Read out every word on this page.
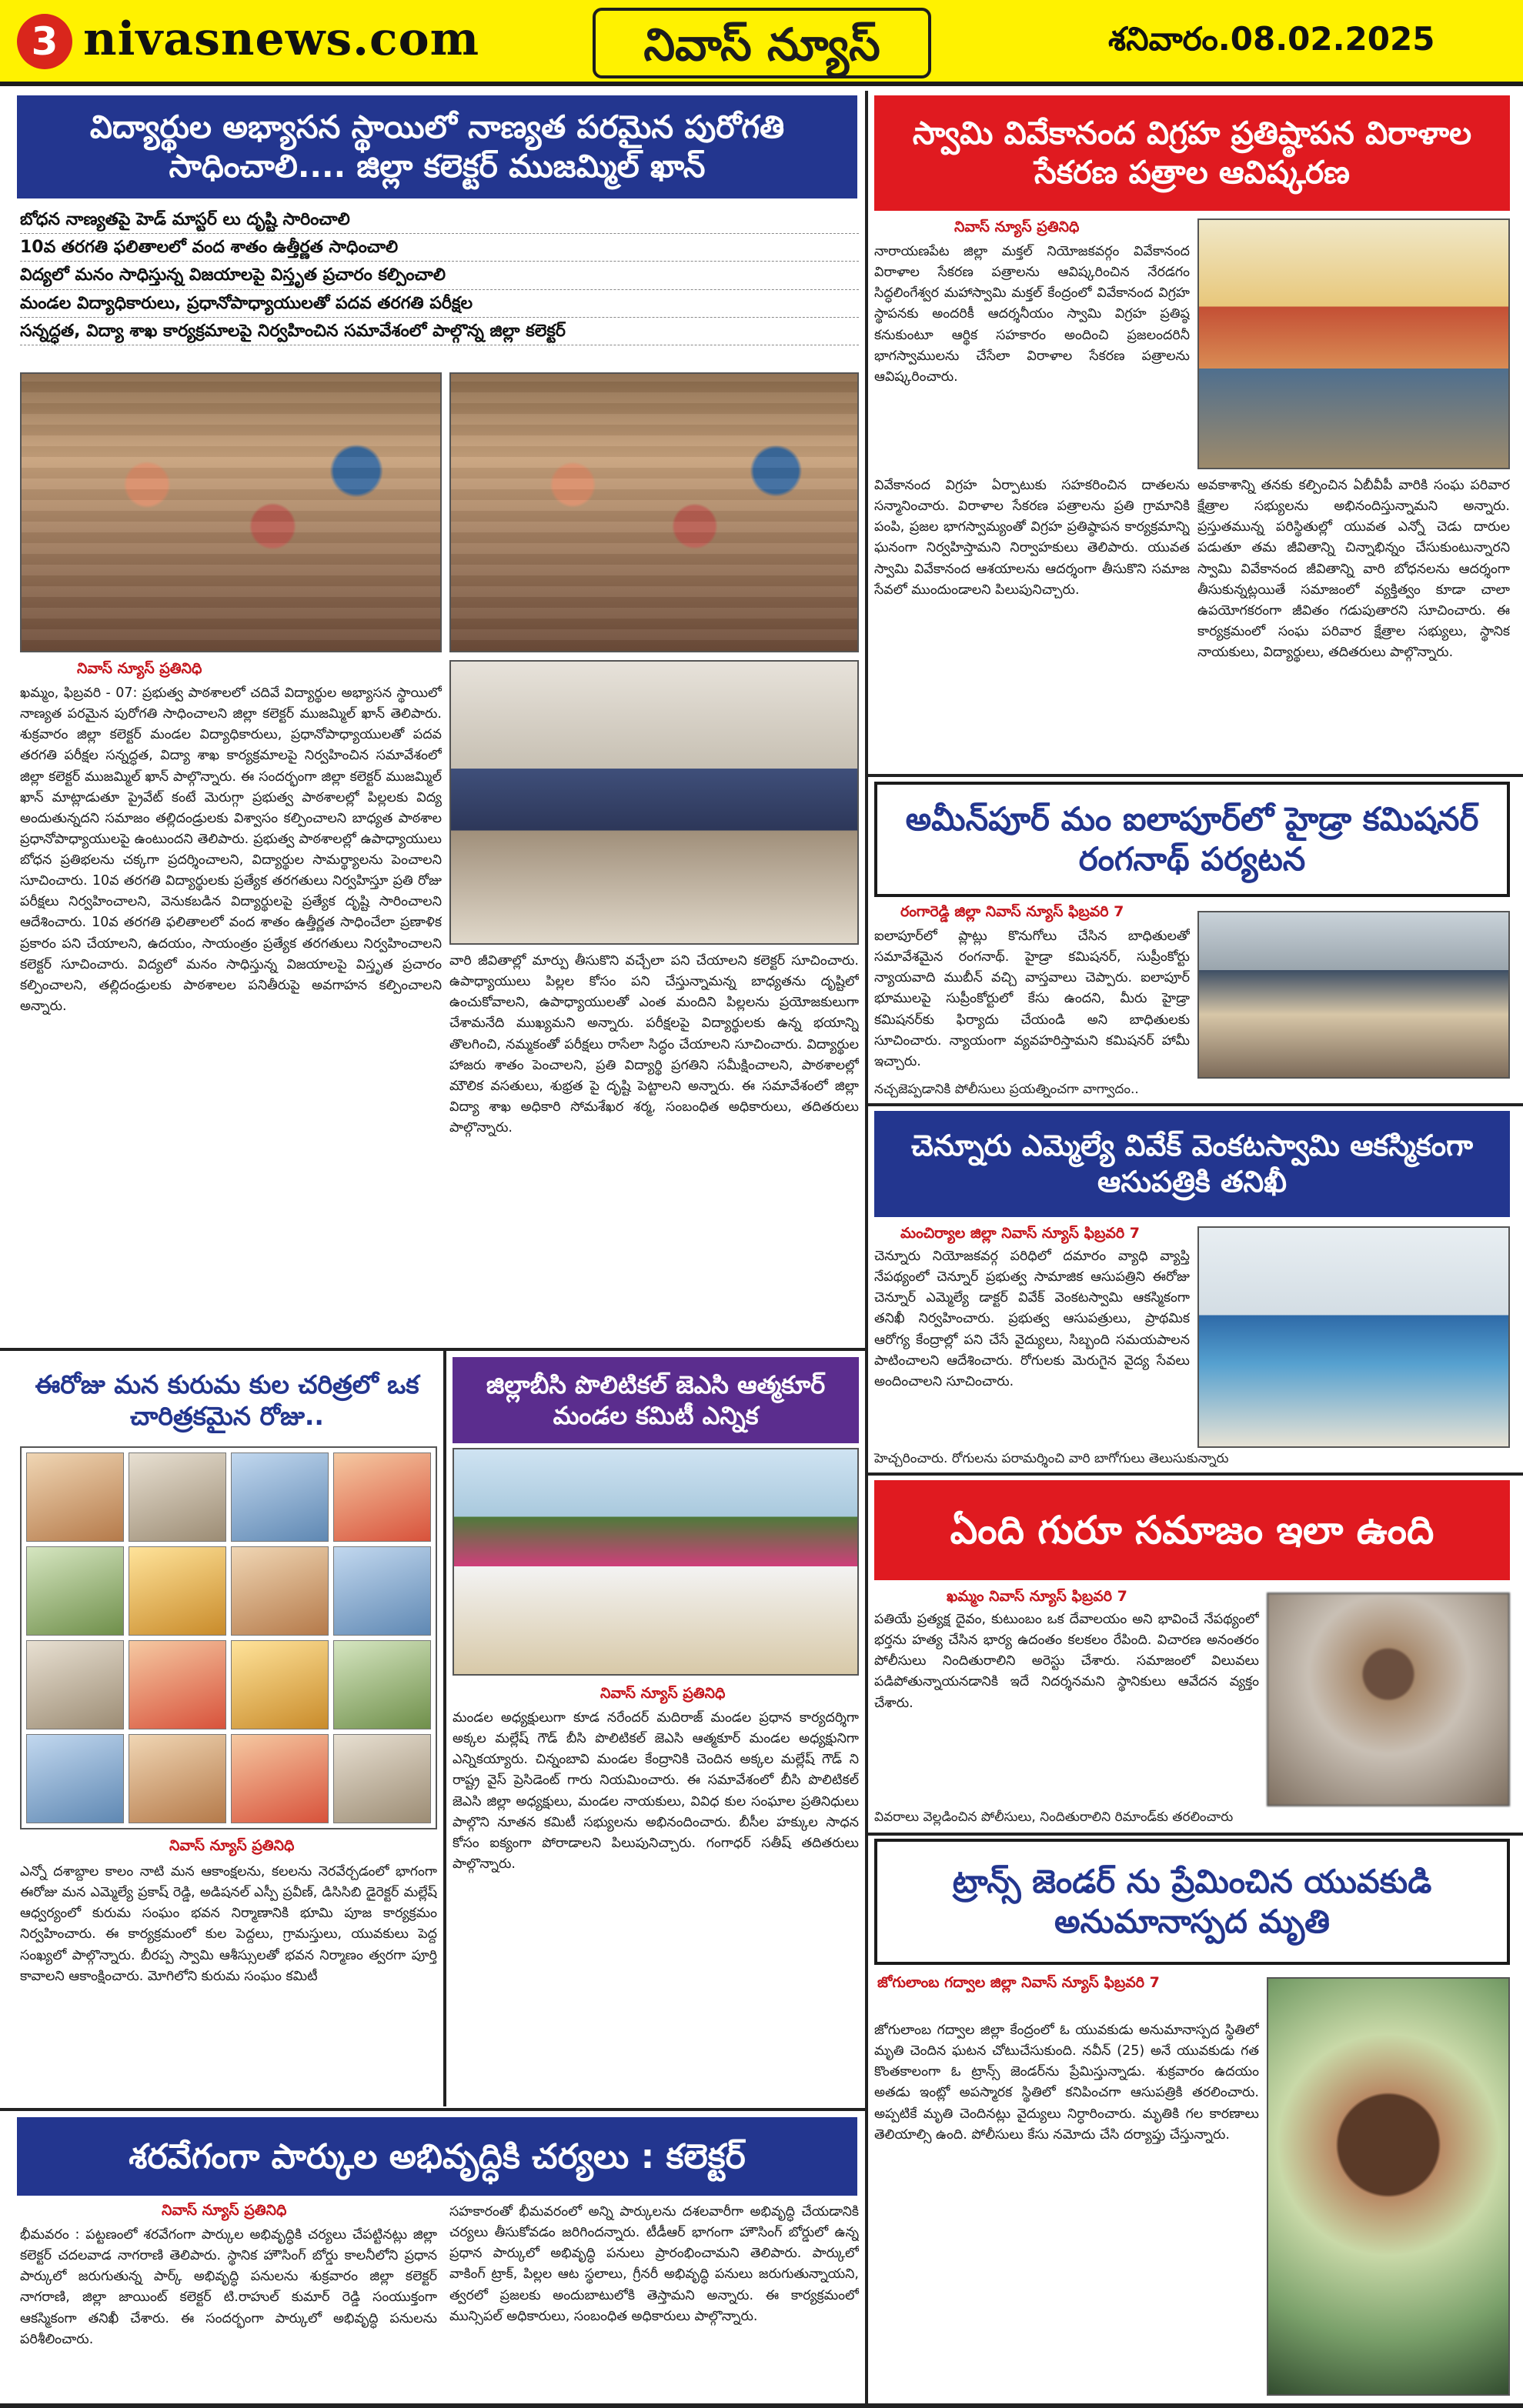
3 nivasnews.com	నివాస్ న్యూస్	శనివారం.08.02.2025
విద్యార్థుల అభ్యాసన స్థాయిలో నాణ్యత పరమైన పురోగతి సాధించాలి.... జిల్లా కలెక్టర్ ముజమ్మిల్ ఖాన్
బోధన నాణ్యతపై హెడ్ మాస్టర్ లు దృష్టి సారించాలి
10వ తరగతి ఫలితాలలో వంద శాతం ఉత్తీర్ణత సాధించాలి
విద్యలో మనం సాధిస్తున్న విజయాలపై విస్తృత ప్రచారం కల్పించాలి
మండల విద్యాధికారులు, ప్రధానోపాధ్యాయులతో పదవ తరగతి పరీక్షల
సన్నద్ధత, విద్యా శాఖ కార్యక్రమాలపై నిర్వహించిన సమావేశంలో పాల్గొన్న జిల్లా కలెక్టర్
నివాస్ న్యూస్ ప్రతినిధి
ఖమ్మం, ఫిబ్రవరి - 07: ప్రభుత్వ పాఠశాలలో చదివే విద్యార్థుల అభ్యాసన స్థాయిలో నాణ్యత పరమైన పురోగతి సాధించాలని జిల్లా కలెక్టర్ ముజమ్మిల్ ఖాన్ తెలిపారు. శుక్రవారం జిల్లా కలెక్టర్ మండల విద్యాధికారులు, ప్రధానోపాధ్యాయులతో పదవ తరగతి పరీక్షల సన్నద్ధత, విద్యా శాఖ కార్యక్రమాలపై నిర్వహించిన సమావేశంలో జిల్లా కలెక్టర్ ముజమ్మిల్ ఖాన్ పాల్గొన్నారు. ఈ సందర్భంగా జిల్లా కలెక్టర్ ముజమ్మిల్ ఖాన్ మాట్లాడుతూ ప్రైవేట్ కంటే మెరుగ్గా ప్రభుత్వ పాఠశాలల్లో పిల్లలకు విద్య అందుతున్నదని సమాజం తల్లిదండ్రులకు విశ్వాసం కల్పించాలని బాధ్యత పాఠశాల ప్రధానోపాధ్యాయులపై ఉంటుందని తెలిపారు. ప్రభుత్వ పాఠశాలల్లో ఉపాధ్యాయులు బోధన ప్రతిభలను చక్కగా ప్రదర్శించాలని, విద్యార్థుల సామర్థ్యాలను పెంచాలని సూచించారు. 10వ తరగతి విద్యార్థులకు ప్రత్యేక తరగతులు నిర్వహిస్తూ ప్రతి రోజు పరీక్షలు నిర్వహించాలని, వెనుకబడిన విద్యార్థులపై ప్రత్యేక దృష్టి సారించాలని ఆదేశించారు. 10వ తరగతి ఫలితాలలో వంద శాతం ఉత్తీర్ణత సాధించేలా ప్రణాళిక ప్రకారం పని చేయాలని, ఉదయం, సాయంత్రం ప్రత్యేక తరగతులు నిర్వహించాలని కలెక్టర్ సూచించారు. విద్యలో మనం సాధిస్తున్న విజయాలపై విస్తృత ప్రచారం కల్పించాలని, తల్లిదండ్రులకు పాఠశాలల పనితీరుపై అవగాహన కల్పించాలని అన్నారు.
వారి జీవితాల్లో మార్పు తీసుకొని వచ్చేలా పని చేయాలని కలెక్టర్ సూచించారు. ఉపాధ్యాయులు పిల్లల కోసం పని చేస్తున్నామన్న బాధ్యతను దృష్టిలో ఉంచుకోవాలని, ఉపాధ్యాయులతో ఎంత మందిని పిల్లలను ప్రయోజకులుగా చేశామనేది ముఖ్యమని అన్నారు. పరీక్షలపై విద్యార్థులకు ఉన్న భయాన్ని తొలగించి, నమ్మకంతో పరీక్షలు రాసేలా సిద్ధం చేయాలని సూచించారు. విద్యార్థుల హాజరు శాతం పెంచాలని, ప్రతి విద్యార్థి ప్రగతిని సమీక్షించాలని, పాఠశాలల్లో మౌలిక వసతులు, శుభ్రత పై దృష్టి పెట్టాలని అన్నారు. ఈ సమావేశంలో జిల్లా విద్యా శాఖ అధికారి సోమశేఖర శర్మ, సంబంధిత అధికారులు, తదితరులు పాల్గొన్నారు.
స్వామి వివేకానంద విగ్రహ ప్రతిష్ఠాపన విరాళాల సేకరణ పత్రాల ఆవిష్కరణ
నివాస్ న్యూస్ ప్రతినిధి
నారాయణపేట జిల్లా మక్తల్ నియోజకవర్గం వివేకానంద విరాళాల సేకరణ పత్రాలను ఆవిష్కరించిన నేరడగం సిద్ధలింగేశ్వర మహాస్వామి మక్తల్ కేంద్రంలో వివేకానంద విగ్రహ స్థాపనకు అందరికీ ఆదర్శనీయం స్వామి విగ్రహ ప్రతిష్ఠ కనుకుంటూ ఆర్థిక సహకారం అందించి ప్రజలందరినీ భాగస్వాములను చేసేలా విరాళాల సేకరణ పత్రాలను ఆవిష్కరించారు.
వివేకానంద విగ్రహ ఏర్పాటుకు సహకరించిన దాతలను సన్మానించారు. విరాళాల సేకరణ పత్రాలను ప్రతి గ్రామానికి పంపి, ప్రజల భాగస్వామ్యంతో విగ్రహ ప్రతిష్ఠాపన కార్యక్రమాన్ని ఘనంగా నిర్వహిస్తామని నిర్వాహకులు తెలిపారు. యువత స్వామి వివేకానంద ఆశయాలను ఆదర్శంగా తీసుకొని సమాజ సేవలో ముందుండాలని పిలుపునిచ్చారు.
అవకాశాన్ని తనకు కల్పించిన ఏబీవీపీ వారికి సంఘ పరివార క్షేత్రాల సభ్యులను అభినందిస్తున్నామని అన్నారు. ప్రస్తుతమున్న పరిస్థితుల్లో యువత ఎన్నో చెడు దారుల పడుతూ తమ జీవితాన్ని చిన్నాభిన్నం చేసుకుంటున్నారని స్వామి వివేకానంద జీవితాన్ని వారి బోధనలను ఆదర్శంగా తీసుకున్నట్లయితే సమాజంలో వ్యక్తిత్వం కూడా చాలా ఉపయోగకరంగా జీవితం గడుపుతారని సూచించారు. ఈ కార్యక్రమంలో సంఘ పరివార క్షేత్రాల సభ్యులు, స్థానిక నాయకులు, విద్యార్థులు, తదితరులు పాల్గొన్నారు.
అమీన్‌పూర్ మం ఐలాపూర్‌లో హైడ్రా కమిషనర్ రంగనాథ్ పర్యటన
రంగారెడ్డి జిల్లా నివాస్ న్యూస్ ఫిబ్రవరి 7
ఐలాపూర్‌లో ప్లాట్లు కొనుగోలు చేసిన బాధితులతో సమావేశమైన రంగనాథ్. హైడ్రా కమిషనర్, సుప్రీంకోర్టు న్యాయవాది ముబీన్ వచ్చి వాస్తవాలు చెప్పారు. ఐలాపూర్ భూములపై సుప్రీంకోర్టులో కేసు ఉందని, మీరు హైడ్రా కమిషనర్‌కు ఫిర్యాదు చేయండి అని బాధితులకు సూచించారు. న్యాయంగా వ్యవహరిస్తామని కమిషనర్ హామీ ఇచ్చారు.
నచ్చజెప్పడానికి పోలీసులు ప్రయత్నించగా వాగ్వాదం..
చెన్నూరు ఎమ్మెల్యే వివేక్ వెంకటస్వామి ఆకస్మికంగా ఆసుపత్రికి తనిఖీ
మంచిర్యాల జిల్లా నివాస్ న్యూస్ ఫిబ్రవరి 7
చెన్నూరు నియోజకవర్గ పరిధిలో దమారం వ్యాధి వ్యాప్తి నేపథ్యంలో చెన్నూర్ ప్రభుత్వ సామాజిక ఆసుపత్రిని ఈరోజు చెన్నూర్ ఎమ్మెల్యే డాక్టర్ వివేక్ వెంకటస్వామి ఆకస్మికంగా తనిఖీ నిర్వహించారు. ప్రభుత్వ ఆసుపత్రులు, ప్రాథమిక ఆరోగ్య కేంద్రాల్లో పని చేసే వైద్యులు, సిబ్బంది సమయపాలన పాటించాలని ఆదేశించారు. రోగులకు మెరుగైన వైద్య సేవలు అందించాలని సూచించారు.
హెచ్చరించారు. రోగులను పరామర్శించి వారి బాగోగులు తెలుసుకున్నారు
ఏంది గురూ సమాజం ఇలా ఉంది
ఖమ్మం నివాస్ న్యూస్ ఫిబ్రవరి 7
పతియే ప్రత్యక్ష దైవం, కుటుంబం ఒక దేవాలయం అని భావించే నేపథ్యంలో భర్తను హత్య చేసిన భార్య ఉదంతం కలకలం రేపింది. విచారణ అనంతరం పోలీసులు నిందితురాలిని అరెస్టు చేశారు. సమాజంలో విలువలు పడిపోతున్నాయనడానికి ఇదే నిదర్శనమని స్థానికులు ఆవేదన వ్యక్తం చేశారు.
వివరాలు వెల్లడించిన పోలీసులు, నిందితురాలిని రిమాండ్‌కు తరలించారు
ట్రాన్స్ జెండర్ ను ప్రేమించిన యువకుడి అనుమానాస్పద మృతి
జోగులాంబ గద్వాల జిల్లా నివాస్ న్యూస్ ఫిబ్రవరి 7
జోగులాంబ గద్వాల జిల్లా కేంద్రంలో ఓ యువకుడు అనుమానాస్పద స్థితిలో మృతి చెందిన ఘటన చోటుచేసుకుంది. నవీన్ (25) అనే యువకుడు గత కొంతకాలంగా ఓ ట్రాన్స్ జెండర్‌ను ప్రేమిస్తున్నాడు. శుక్రవారం ఉదయం అతడు ఇంట్లో అపస్మారక స్థితిలో కనిపించగా ఆసుపత్రికి తరలించారు. అప్పటికే మృతి చెందినట్లు వైద్యులు నిర్ధారించారు. మృతికి గల కారణాలు తెలియాల్సి ఉంది. పోలీసులు కేసు నమోదు చేసి దర్యాప్తు చేస్తున్నారు.
ఈరోజు మన కురుమ కుల చరిత్రలో ఒక చారిత్రకమైన రోజు..
నివాస్ న్యూస్ ప్రతినిధి
ఎన్నో దశాబ్దాల కాలం నాటి మన ఆకాంక్షలను, కలలను నెరవేర్చడంలో భాగంగా ఈరోజు మన ఎమ్మెల్యే ప్రకాష్ రెడ్డి, అడిషనల్ ఎస్పీ ప్రవీణ్, డిసిసిబి డైరెక్టర్ మల్లేష్ ఆధ్వర్యంలో కురుమ సంఘం భవన నిర్మాణానికి భూమి పూజ కార్యక్రమం నిర్వహించారు. ఈ కార్యక్రమంలో కుల పెద్దలు, గ్రామస్తులు, యువకులు పెద్ద సంఖ్యలో పాల్గొన్నారు. బీరప్ప స్వామి ఆశీస్సులతో భవన నిర్మాణం త్వరగా పూర్తి కావాలని ఆకాంక్షించారు. మోగిలోని కురుమ సంఘం కమిటీ
జిల్లాబీసి పొలిటికల్ జెఎసి ఆత్మకూర్ మండల కమిటీ ఎన్నిక
నివాస్ న్యూస్ ప్రతినిధి
మండల అధ్యక్షులుగా కూడ నరేందర్ మదిరాజ్ మండల ప్రధాన కార్యదర్శిగా అక్కల మల్లేష్ గౌడ్ బీసి పొలిటికల్ జెఎసి ఆత్మకూర్ మండల అధ్యక్షునిగా ఎన్నికయ్యారు. చిన్నంబావి మండల కేంద్రానికి చెందిన అక్కల మల్లేష్ గౌడ్ ని రాష్ట్ర వైస్ ప్రెసిడెంట్ గారు నియమించారు. ఈ సమావేశంలో బీసి పొలిటికల్ జెఎసి జిల్లా అధ్యక్షులు, మండల నాయకులు, వివిధ కుల సంఘాల ప్రతినిధులు పాల్గొని నూతన కమిటీ సభ్యులను అభినందించారు. బీసీల హక్కుల సాధన కోసం ఐక్యంగా పోరాడాలని పిలుపునిచ్చారు. గంగాధర్ సతీష్ తదితరులు పాల్గొన్నారు.
శరవేగంగా పార్కుల అభివృద్ధికి చర్యలు : కలెక్టర్
నివాస్ న్యూస్ ప్రతినిధి
భీమవరం : పట్టణంలో శరవేగంగా పార్కుల అభివృద్ధికి చర్యలు చేపట్టినట్లు జిల్లా కలెక్టర్ చదలవాడ నాగరాణి తెలిపారు. స్థానిక హౌసింగ్ బోర్డు కాలనీలోని ప్రధాన పార్కులో జరుగుతున్న పార్క్ అభివృద్ధి పనులను శుక్రవారం జిల్లా కలెక్టర్ నాగరాణి, జిల్లా జాయింట్ కలెక్టర్ టి.రాహుల్ కుమార్ రెడ్డి సంయుక్తంగా ఆకస్మికంగా తనిఖీ చేశారు. ఈ సందర్భంగా పార్కులో అభివృద్ధి పనులను పరిశీలించారు.
సహకారంతో భీమవరంలో అన్ని పార్కులను దశలవారీగా అభివృద్ధి చేయడానికి చర్యలు తీసుకోవడం జరిగిందన్నారు. టీడీఆర్ భాగంగా హౌసింగ్ బోర్డులో ఉన్న ప్రధాన పార్కులో అభివృద్ధి పనులు ప్రారంభించామని తెలిపారు. పార్కులో వాకింగ్ ట్రాక్, పిల్లల ఆట స్థలాలు, గ్రీనరీ అభివృద్ధి పనులు జరుగుతున్నాయని, త్వరలో ప్రజలకు అందుబాటులోకి తెస్తామని అన్నారు. ఈ కార్యక్రమంలో మున్సిపల్ అధికారులు, సంబంధిత అధికారులు పాల్గొన్నారు.
